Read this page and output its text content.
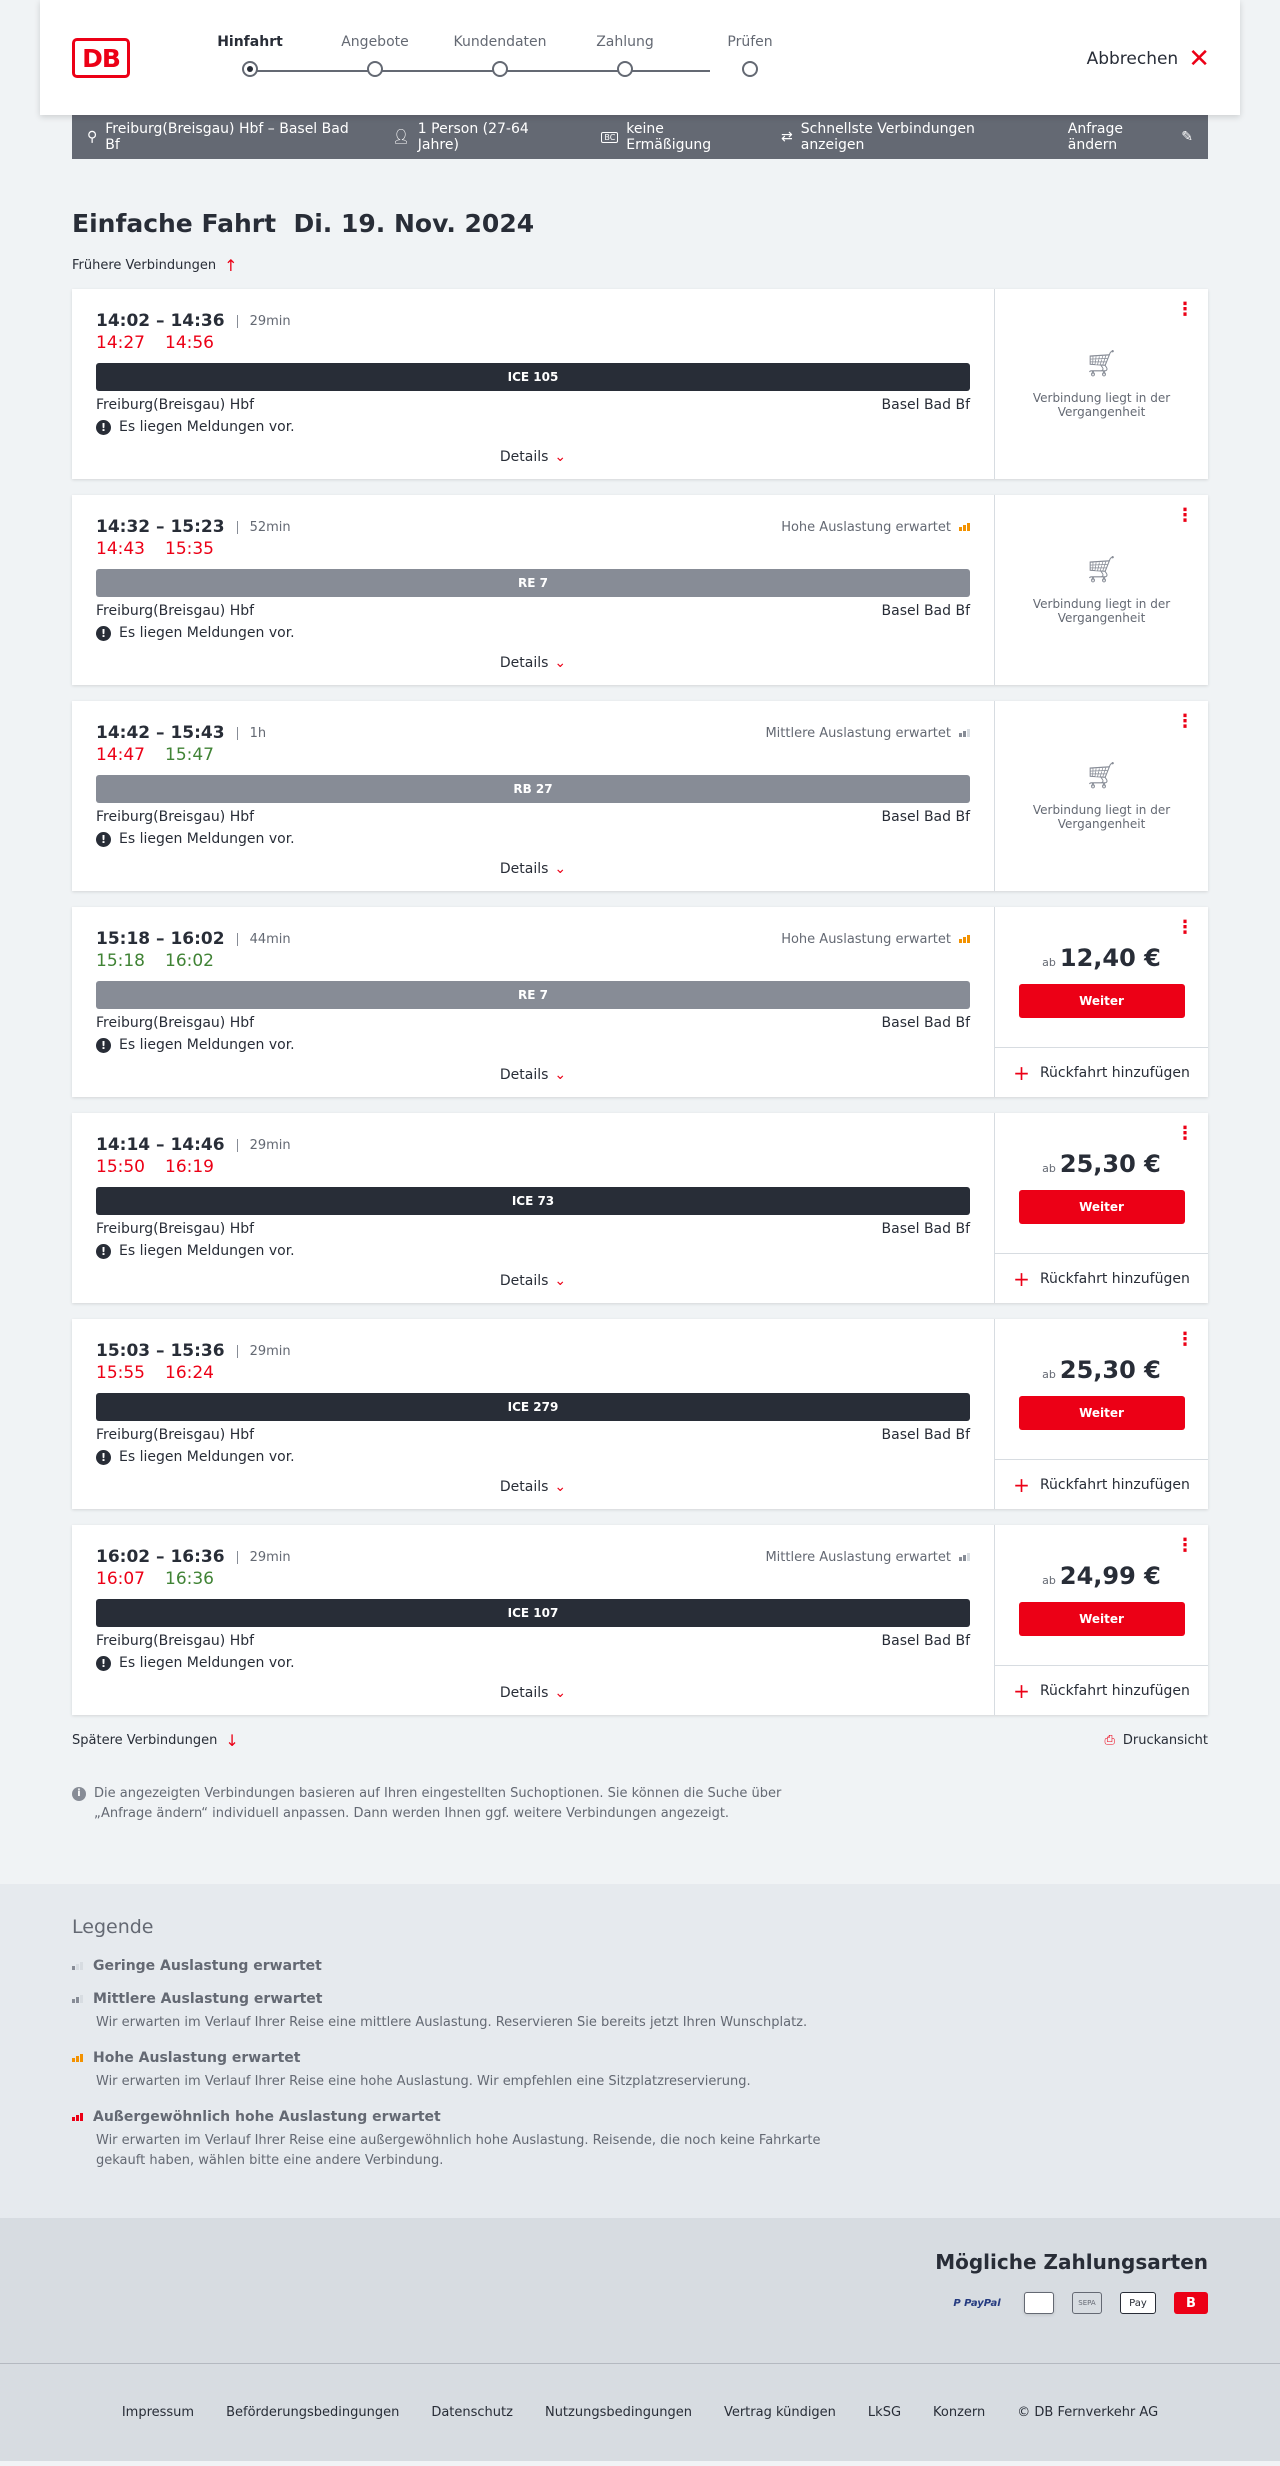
DB
Hinfahrt	Angebote	Kundendaten	Zahlung	Prüfen
Abbrechen ✕
⚲ Freiburg(Breisgau) Hbf – Basel Bad Bf	👤︎ 1 Person (27-64 Jahre)	BC keine Ermäßigung	⇄ Schnellste Verbindungen anzeigen
Anfrage ändern	✎
Einfache Fahrt Di. 19. Nov. 2024
Frühere Verbindungen ↑
14:02 – 14:36	29min
14:27 14:56
ICE 105
Freiburg(Breisgau) Hbf	Basel Bad Bf
! Es liegen Meldungen vor.
Details ⌄
⋮
🛒︎
Verbindung liegt in der Vergangenheit
14:32 – 15:23	52min	Hohe Auslastung erwartet
14:43 15:35
RE 7
Freiburg(Breisgau) Hbf	Basel Bad Bf
! Es liegen Meldungen vor.
Details ⌄
⋮
🛒︎
Verbindung liegt in der Vergangenheit
14:42 – 15:43	1h	Mittlere Auslastung erwartet
14:47 15:47
RB 27
Freiburg(Breisgau) Hbf	Basel Bad Bf
! Es liegen Meldungen vor.
Details ⌄
⋮
🛒︎
Verbindung liegt in der Vergangenheit
15:18 – 16:02	44min	Hohe Auslastung erwartet
15:18 16:02
RE 7
Freiburg(Breisgau) Hbf	Basel Bad Bf
! Es liegen Meldungen vor.
Details ⌄
⋮
ab 12,40 €
Weiter
+ Rückfahrt hinzufügen
14:14 – 14:46	29min
15:50 16:19
ICE 73
Freiburg(Breisgau) Hbf	Basel Bad Bf
! Es liegen Meldungen vor.
Details ⌄
⋮
ab 25,30 €
Weiter
+ Rückfahrt hinzufügen
15:03 – 15:36	29min
15:55 16:24
ICE 279
Freiburg(Breisgau) Hbf	Basel Bad Bf
! Es liegen Meldungen vor.
Details ⌄
⋮
ab 25,30 €
Weiter
+ Rückfahrt hinzufügen
16:02 – 16:36	29min	Mittlere Auslastung erwartet
16:07 16:36
ICE 107
Freiburg(Breisgau) Hbf	Basel Bad Bf
! Es liegen Meldungen vor.
Details ⌄
⋮
ab 24,99 €
Weiter
+ Rückfahrt hinzufügen
Spätere Verbindungen ↓	⎙ Druckansicht
i	Die angezeigten Verbindungen basieren auf Ihren eingestellten Suchoptionen. Sie können die Suche über „Anfrage ändern“ individuell anpassen. Dann werden Ihnen ggf. weitere Verbindungen angezeigt.
Legende
Geringe Auslastung erwartet
Mittlere Auslastung erwartet
Wir erwarten im Verlauf Ihrer Reise eine mittlere Auslastung. Reservieren Sie bereits jetzt Ihren Wunschplatz.
Hohe Auslastung erwartet
Wir erwarten im Verlauf Ihrer Reise eine hohe Auslastung. Wir empfehlen eine Sitzplatzreservierung.
Außergewöhnlich hohe Auslastung erwartet
Wir erwarten im Verlauf Ihrer Reise eine außergewöhnlich hohe Auslastung. Reisende, die noch keine Fahrkarte gekauft haben, wählen bitte eine andere Verbindung.
Mögliche Zahlungsarten
P PayPal	SEPA	Pay	B
Impressum Beförderungsbedingungen Datenschutz Nutzungsbedingungen Vertrag kündigen LkSG Konzern © DB Fernverkehr AG
